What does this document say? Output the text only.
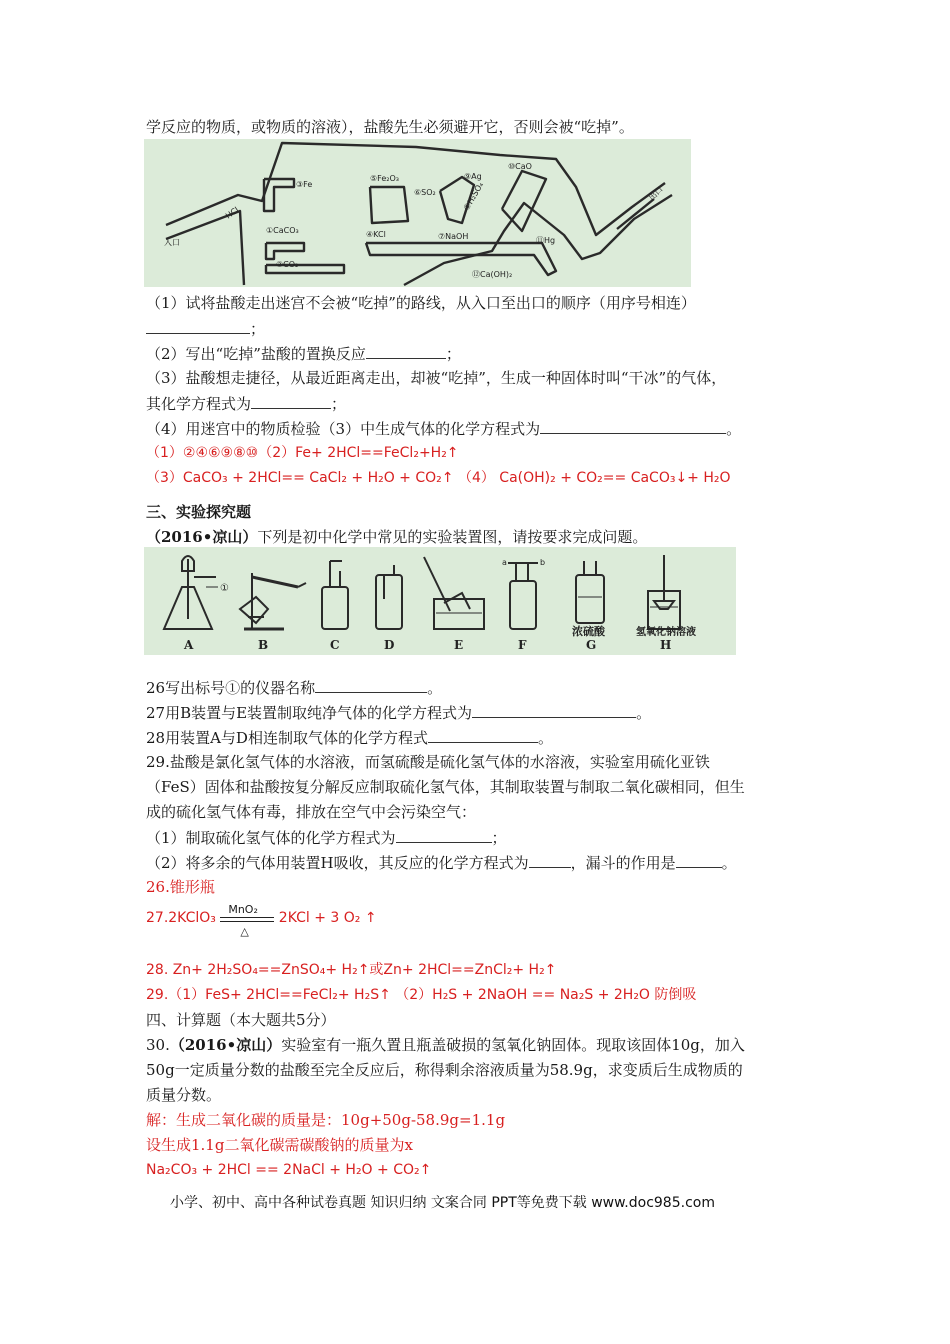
学反应的物质，或物质的溶液），盐酸先生必须避开它，否则会被“吃掉”。
入口
HCl
出口
③Fe
①CaCO₃
②CO₂
⑤Fe₂O₃
⑥SO₂
④KCl
⑨Ag
⑧H₂SO₄
⑩CaO
⑦NaOH	⑪Hg
⑫Ca(OH)₂
（1）试将盐酸走出迷宫不会被“吃掉”的路线，从入口至出口的顺序（用序号相连）
；
（2）写出“吃掉”盐酸的置换反应	；
（3）盐酸想走捷径，从最近距离走出，却被“吃掉”，生成一种固体时叫“干冰”的气体，
其化学方程式为	；
（4）用迷宫中的物质检验（3）中生成气体的化学方程式为	。
（1）②④⑥⑨⑧⑩（2）Fe+ 2HCl==FeCl₂+H₂↑
（3）CaCO₃ + 2HCl== CaCl₂ + H₂O + CO₂↑ （4） Ca(OH)₂ + CO₂== CaCO₃↓+ H₂O
三、实验探究题
（2016•凉山）下列是初中化学中常见的实验装置图，请按要求完成问题。
①
a	b
浓硫酸	氢氧化钠溶液
A	B	C	D	E	F	G	H
26写出标号①的仪器名称	。
27用B装置与E装置制取纯净气体的化学方程式为	。
28用装置A与D相连制取气体的化学方程式	。
29.盐酸是氯化氢气体的水溶液，而氢硫酸是硫化氢气体的水溶液，实验室用硫化亚铁
（FeS）固体和盐酸按复分解反应制取硫化氢气体，其制取装置与制取二氧化碳相同，但生
成的硫化氢气体有毒，排放在空气中会污染空气：
（1）制取硫化氢气体的化学方程式为	；
（2）将多余的气体用装置H吸收，其反应的化学方程式为	，漏斗的作用是	。
26.锥形瓶
27.2KClO₃
MnO₂
△
2KCl + 3 O₂ ↑
28. Zn+ 2H₂SO₄==ZnSO₄+ H₂↑或Zn+ 2HCl==ZnCl₂+ H₂↑
29.（1）FeS+ 2HCl==FeCl₂+ H₂S↑ （2）H₂S + 2NaOH == Na₂S + 2H₂O 防倒吸
四、计算题（本大题共5分）
30.（2016•凉山）实验室有一瓶久置且瓶盖破损的氢氧化钠固体。现取该固体10g，加入
50g一定质量分数的盐酸至完全反应后，称得剩余溶液质量为58.9g，求变质后生成物质的
质量分数。
解：生成二氧化碳的质量是：10g+50g-58.9g=1.1g
设生成1.1g二氧化碳需碳酸钠的质量为x
Na₂CO₃ + 2HCl == 2NaCl + H₂O + CO₂↑
小学、初中、高中各种试卷真题 知识归纳 文案合同 PPT等免费下载 www.doc985.com
